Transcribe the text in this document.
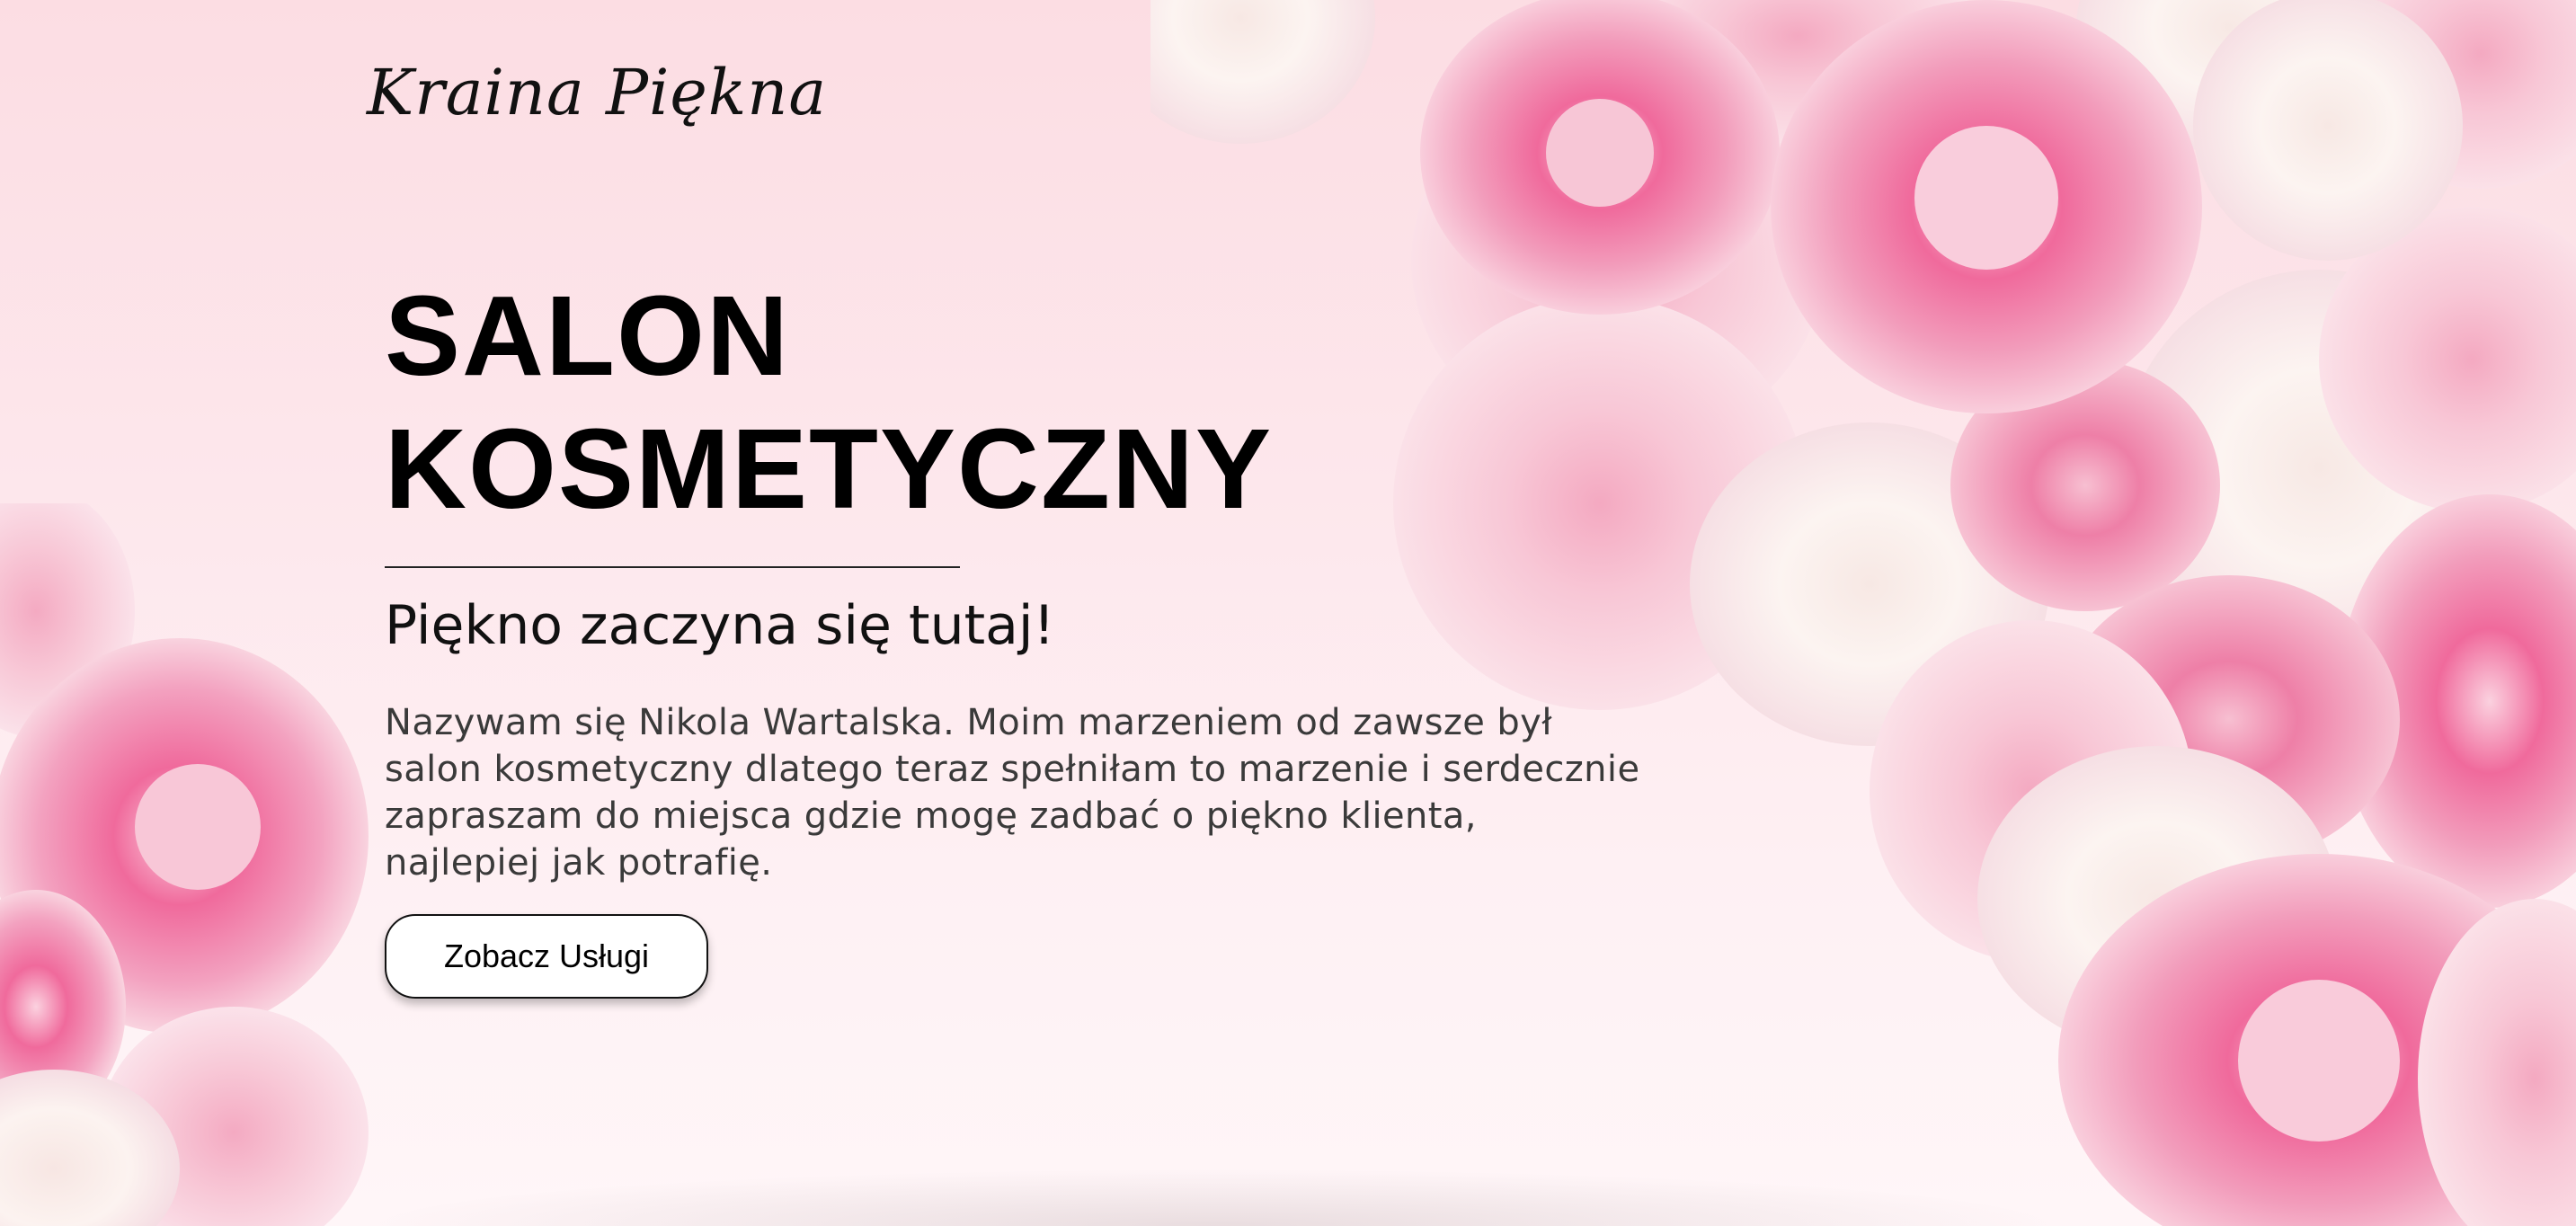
Kraina Piękna
SALON
KOSMETYCZNY
Piękno zaczyna się tutaj!

Nazywam się Nikola Wartalska. Moim marzeniem od zawsze był salon kosmetyczny dlatego teraz spełniłam to marzenie i serdecznie zapraszam do miejsca gdzie mogę zadbać o piękno klienta, najlepiej jak potrafię.

Zobacz Usługi
